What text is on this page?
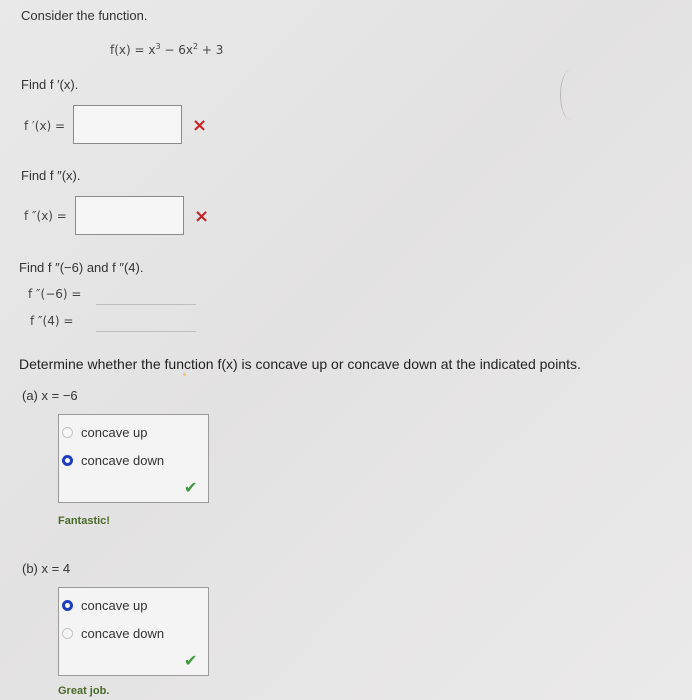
Consider the function.
$f(x) = x^3 - 6x^2 + 3$
Find f ′(x).
f ′(x) =	×
Find f ″(x).
f ″(x) =	×
Find f ″(−6) and f ″(4).
f ″(−6) =
f ″(4) =
Determine whether the function f(x) is concave up or concave down at the indicated points.
(a) x = −6
concave up
concave down
✔
Fantastic!
(b) x = 4
concave up
concave down
✔
Great job.
